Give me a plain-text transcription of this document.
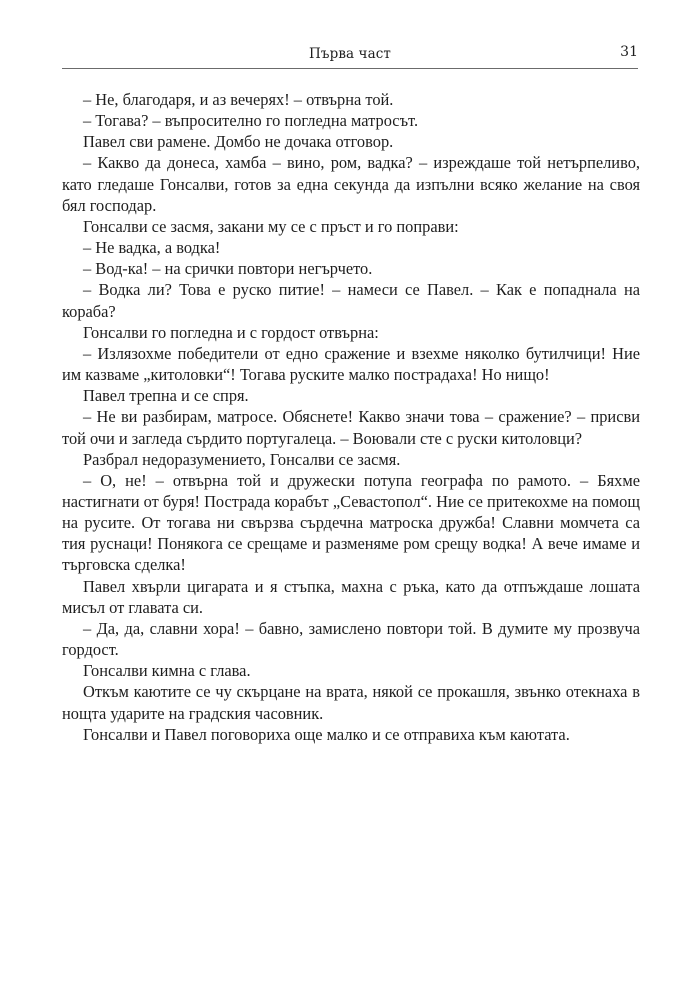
Първа част	31

– Не, благодаря, и аз вечерях! – отвърна той.

– Тогава? – въпросително го погледна матросът.

Павел сви рамене. Домбо не дочака отговор.

– Какво да донеса, хамба – вино, ром, вадка? – изреждаше той нетърпеливо, като гледаше Гонсалви, готов за една секунда да изпълни всяко желание на своя бял господар.

Гонсалви се засмя, закани му се с пръст и го поправи:

– Не вадка, а водка!

– Вод-ка! – на срички повтори негърчето.

– Водка ли? Това е руско питие! – намеси се Павел. – Как е попаднала на кораба?

Гонсалви го погледна и с гордост отвърна:

– Излязохме победители от едно сражение и взехме няколко бутилчици! Ние им казваме „китоловки“! Тогава руските малко пострадаха! Но нищо!

Павел трепна и се спря.

– Не ви разбирам, матросе. Обяснете! Какво значи това – сражение? – присви той очи и загледа сърдито португалеца. – Воювали сте с руски китоловци?

Разбрал недоразумението, Гонсалви се засмя.

– О, не! – отвърна той и дружески потупа географа по рамото. – Бяхме настигнати от буря! Пострада корабът „Севастопол“. Ние се притекохме на помощ на русите. От тогава ни свързва сърдечна матроска дружба! Славни момчета са тия руснаци! Понякога се срещаме и разменяме ром срещу водка! А вече имаме и търговска сделка!

Павел хвърли цигарата и я стъпка, махна с ръка, като да отпъждаше лошата мисъл от главата си.

– Да, да, славни хора! – бавно, замислено повтори той. В думите му прозвуча гордост.

Гонсалви кимна с глава.

Откъм каютите се чу скърцане на врата, някой се прокашля, звънко отекнаха в нощта ударите на градския часовник.

Гонсалви и Павел поговориха още малко и се отправиха към каютата.
